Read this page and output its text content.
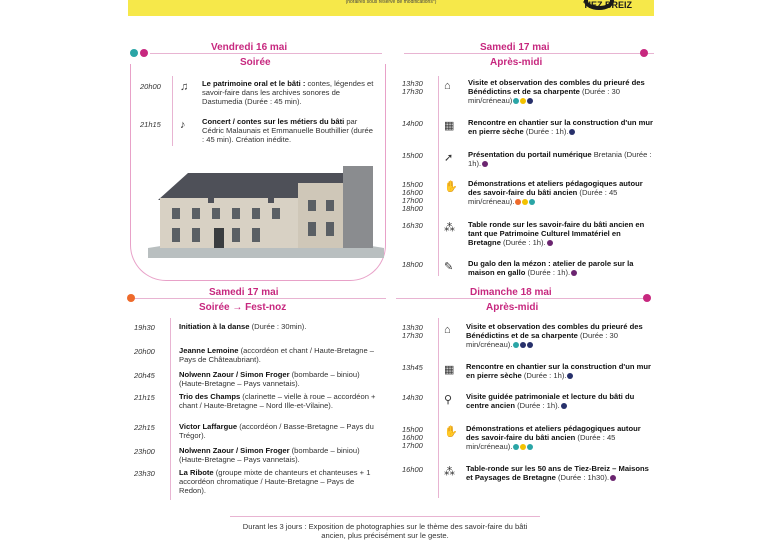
(horaires sous réserve de modifications*)	TIEZ BREIZ
Vendredi 16 mai
Soirée
20h00 ♫ Le patrimoine oral et le bâti : contes, légendes et savoir-faire dans les archives sonores de Dastumedia (Durée : 45 min).
21h15 ♪ Concert / contes sur les métiers du bâti par Cédric Malaunais et Emmanuelle Bouthillier (durée : 45 min). Création inédite.
Samedi 17 mai
Après-midi
13h30
17h30 ⌂ Visite et observation des combles du prieuré des Bénédictins et de sa charpente (Durée : 30 min/créneau)
14h00 ▦ Rencontre en chantier sur la construction d'un mur en pierre sèche (Durée : 1h).
15h00 ➚ Présentation du portail numérique Bretania (Durée : 1h).
15h00
16h00
17h00
18h00
✋ Démonstrations et ateliers pédagogiques autour des savoir-faire du bâti ancien (Durée : 45 min/créneau).
16h30 ⁂ Table ronde sur les savoir-faire du bâti ancien en tant que Patrimoine Culturel Immatériel en Bretagne (Durée : 1h).
18h00 ✎ Du galo den la mézon : atelier de parole sur la maison en gallo (Durée : 1h).
Samedi 17 mai
Soirée → Fest-noz
19h30	Initiation à la danse (Durée : 30min).
20h00	Jeanne Lemoine (accordéon et chant / Haute-Bretagne – Pays de Châteaubriant).
20h45	Nolwenn Zaour / Simon Froger (bombarde – biniou) (Haute-Bretagne – Pays vannetais).
21h15	Trio des Champs (clarinette – vielle à roue – accordéon + chant / Haute-Bretagne – Nord Ille-et-Vilaine).
22h15	Victor Laffargue (accordéon / Basse-Bretagne – Pays du Trégor).
23h00	Nolwenn Zaour / Simon Froger (bombarde – biniou) (Haute-Bretagne – Pays vannetais).
23h30	La Ribote (groupe mixte de chanteurs et chanteuses + 1 accordéon chromatique / Haute-Bretagne – Pays de Redon).
Dimanche 18 mai
Après-midi
13h30
17h30 ⌂ Visite et observation des combles du prieuré des Bénédictins et de sa charpente (Durée : 30 min/créneau).
13h45 ▦ Rencontre en chantier sur la construction d'un mur en pierre sèche (Durée : 1h).
14h30 ⚲ Visite guidée patrimoniale et lecture du bâti du centre ancien (Durée : 1h).
15h00
16h00
17h00
✋ Démonstrations et ateliers pédagogiques autour des savoir-faire du bâti ancien (Durée : 45 min/créneau).
16h00 ⁂ Table-ronde sur les 50 ans de Tiez-Breiz – Maisons et Paysages de Bretagne (Durée : 1h30).
Durant les 3 jours : Exposition de photographies sur le thème des savoir-faire du bâti ancien, plus précisément sur le geste.
